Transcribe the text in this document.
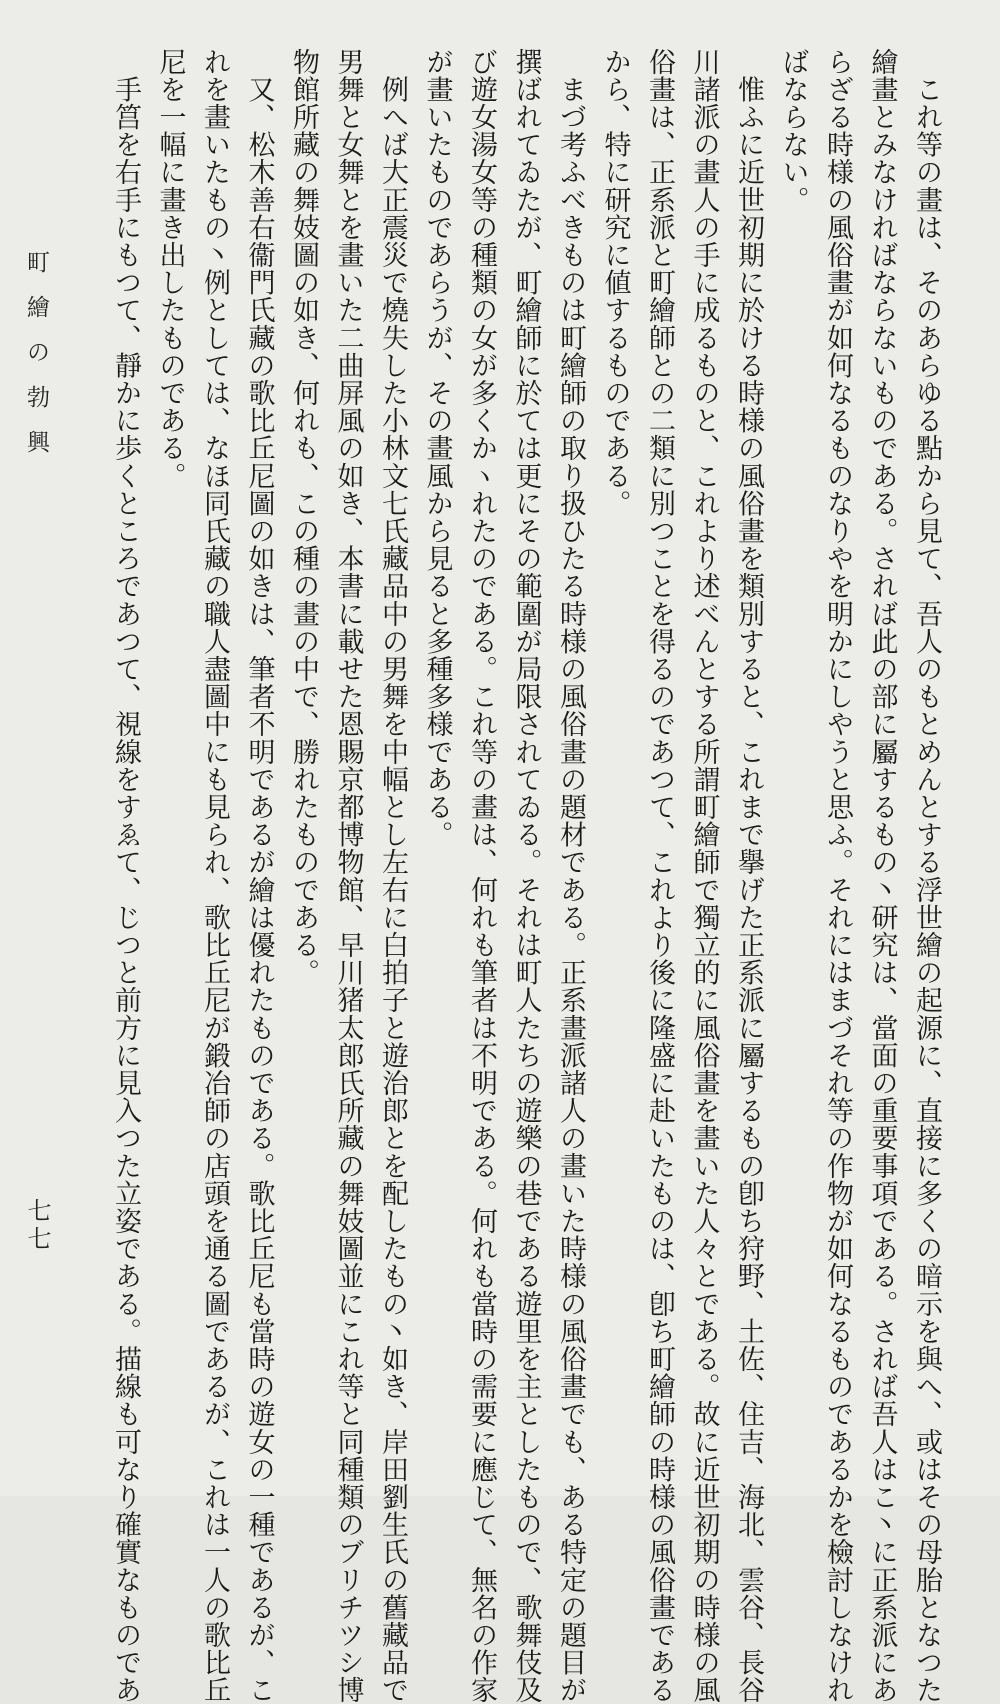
　これ等の畫は、そのあらゆる點から見て、吾人のもとめんとする浮世繪の起源に、直接に多くの暗示を與へ、或はその母胎となつた
繪畫とみなければならないものである。されば此の部に屬するもの丶研究は、當面の重要事項である。されば吾人はこ丶に正系派にあ
らざる時様の風俗畫が如何なるものなりやを明かにしやうと思ふ。それにはまづそれ等の作物が如何なるものであるかを檢討しなけれ
ばならない。

　惟ふに近世初期に於ける時様の風俗畫を類別すると、これまで擧げた正系派に屬するもの卽ち狩野、土佐、住吉、海北、雲谷、長谷
川諸派の畫人の手に成るものと、これより述べんとする所謂町繪師で獨立的に風俗畫を畫いた人々とである。故に近世初期の時様の風
俗畫は、正系派と町繪師との二類に別つことを得るのであつて、これより後に隆盛に赴いたものは、卽ち町繪師の時様の風俗畫である
から、特に研究に値するものである。

　まづ考ふべきものは町繪師の取り扱ひたる時様の風俗畫の題材である。正系畫派諸人の畫いた時様の風俗畫でも、ある特定の題目が
撰ばれてゐたが、町繪師に於ては更にその範圍が局限されてゐる。それは町人たちの遊樂の巷である遊里を主としたもので、歌舞伎及
び遊女湯女等の種類の女が多くかヽれたのである。これ等の畫は、何れも筆者は不明である。何れも當時の需要に應じて、無名の作家
が畫いたものであらうが、その畫風から見ると多種多様である。

　例へば大正震災で燒失した小林文七氏藏品中の男舞を中幅とし左右に白拍子と遊治郎とを配したもの丶如き、岸田劉生氏の舊藏品で
男舞と女舞とを畫いた二曲屏風の如き、本書に載せた恩賜京都博物館、早川猪太郎氏所藏の舞妓圖並にこれ等と同種類のブリチツシ博
物館所藏の舞妓圖の如き、何れも、この種の畫の中で、勝れたものである。

　又、松木善右衞門氏藏の歌比丘尼圖の如きは、筆者不明であるが繪は優れたものである。歌比丘尼も當時の遊女の一種であるが、こ
れを畫いたもの丶例としては、なほ同氏藏の職人盡圖中にも見られ、歌比丘尼が鍛冶師の店頭を通る圖であるが、これは一人の歌比丘
尼を一幅に畫き出したものである。

　手筥を右手にもつて、靜かに歩くところであつて、視線をすゑて、じつと前方に見入つた立姿である。描線も可なり確實なものであ

町繪の勃興
七七
